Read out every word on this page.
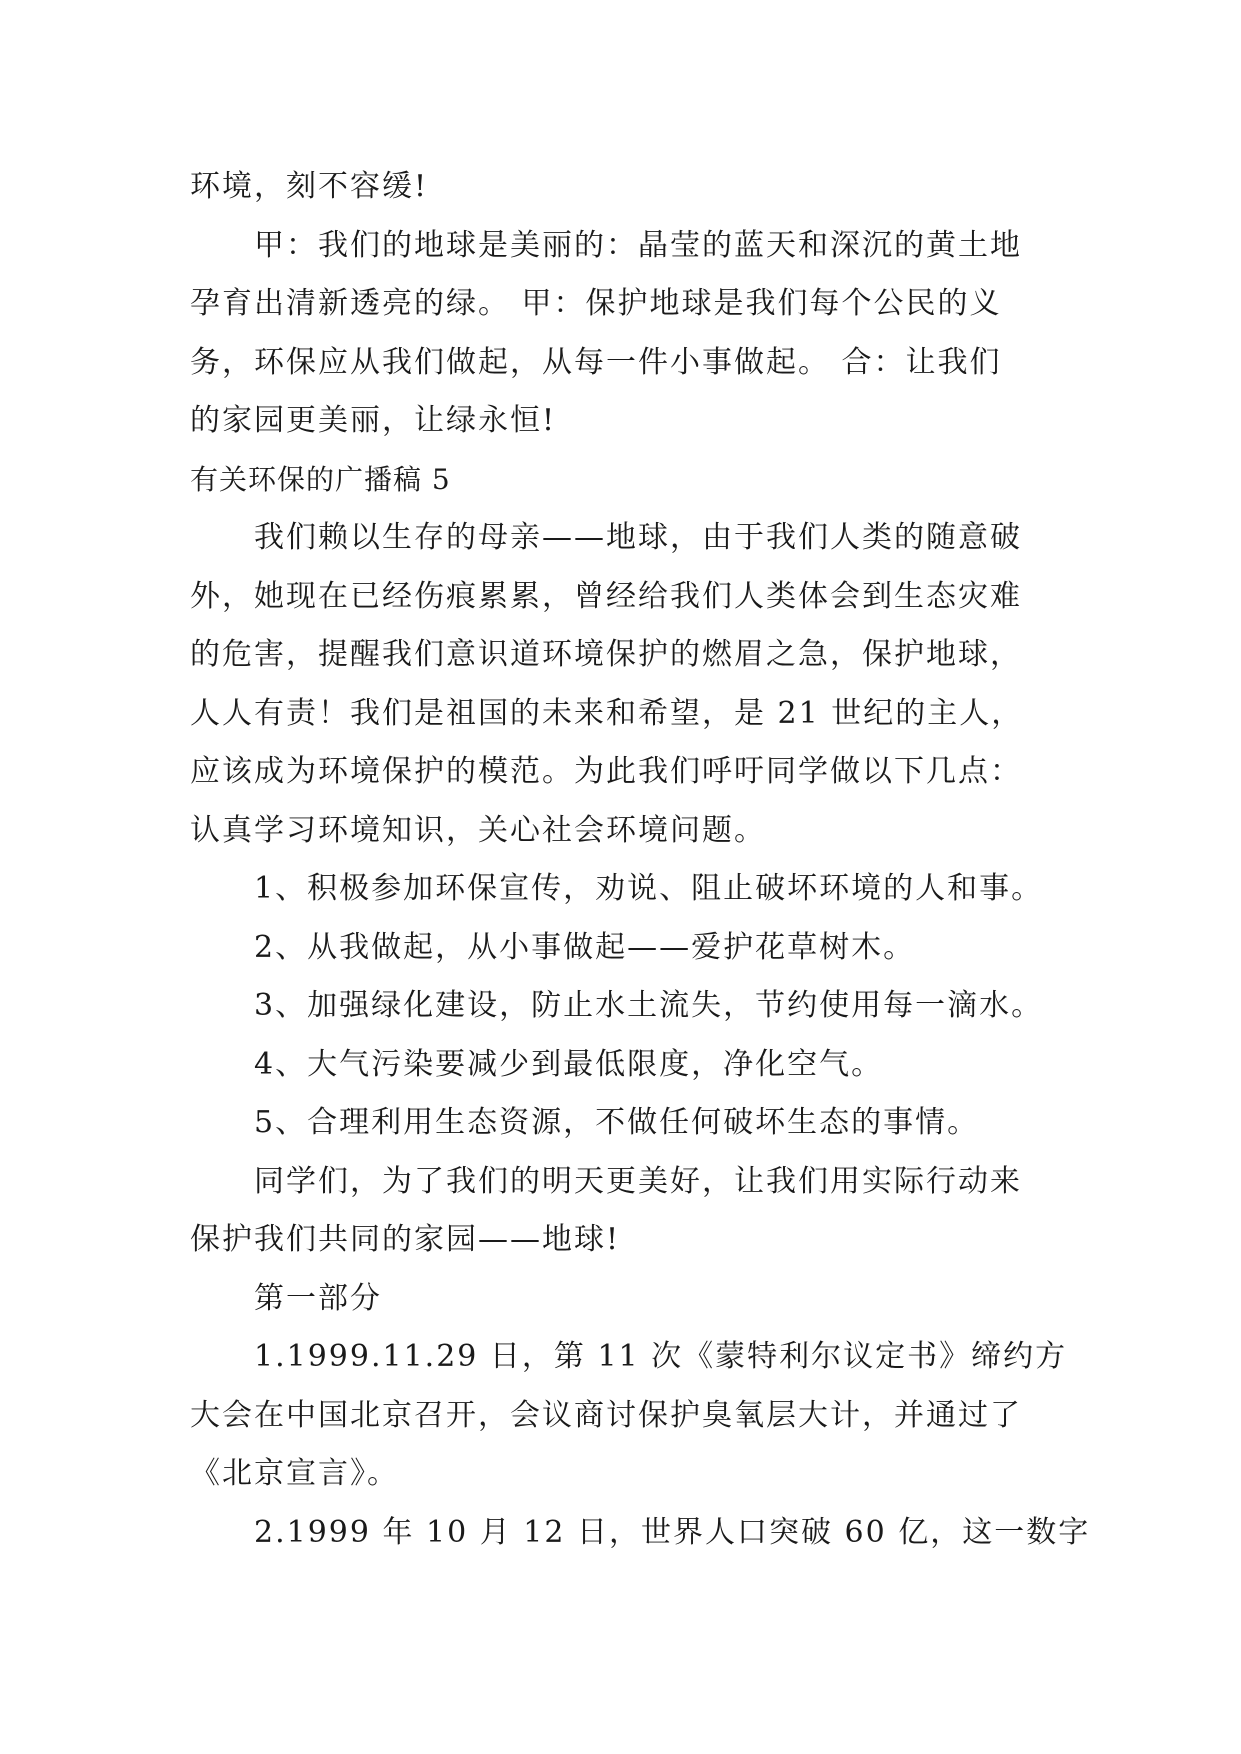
环境，刻不容缓!
甲：我们的地球是美丽的：晶莹的蓝天和深沉的黄土地
孕育出清新透亮的绿。 甲：保护地球是我们每个公民的义
务，环保应从我们做起，从每一件小事做起。 合：让我们
的家园更美丽，让绿永恒!
有关环保的广播稿 5
我们赖以生存的母亲——地球，由于我们人类的随意破
外，她现在已经伤痕累累，曾经给我们人类体会到生态灾难
的危害，提醒我们意识道环境保护的燃眉之急，保护地球，
人人有责！我们是祖国的未来和希望，是 21 世纪的主人，
应该成为环境保护的模范。为此我们呼吁同学做以下几点：
认真学习环境知识，关心社会环境问题。
1、积极参加环保宣传，劝说、阻止破坏环境的人和事。
2、从我做起，从小事做起——爱护花草树木。
3、加强绿化建设，防止水土流失，节约使用每一滴水。
4、大气污染要减少到最低限度，净化空气。
5、合理利用生态资源，不做任何破坏生态的事情。
同学们，为了我们的明天更美好，让我们用实际行动来
保护我们共同的家园——地球!
第一部分
1.1999.11.29 日，第 11 次《蒙特利尔议定书》缔约方
大会在中国北京召开，会议商讨保护臭氧层大计，并通过了
《北京宣言》。
2.1999 年 10 月 12 日，世界人口突破 60 亿，这一数字
